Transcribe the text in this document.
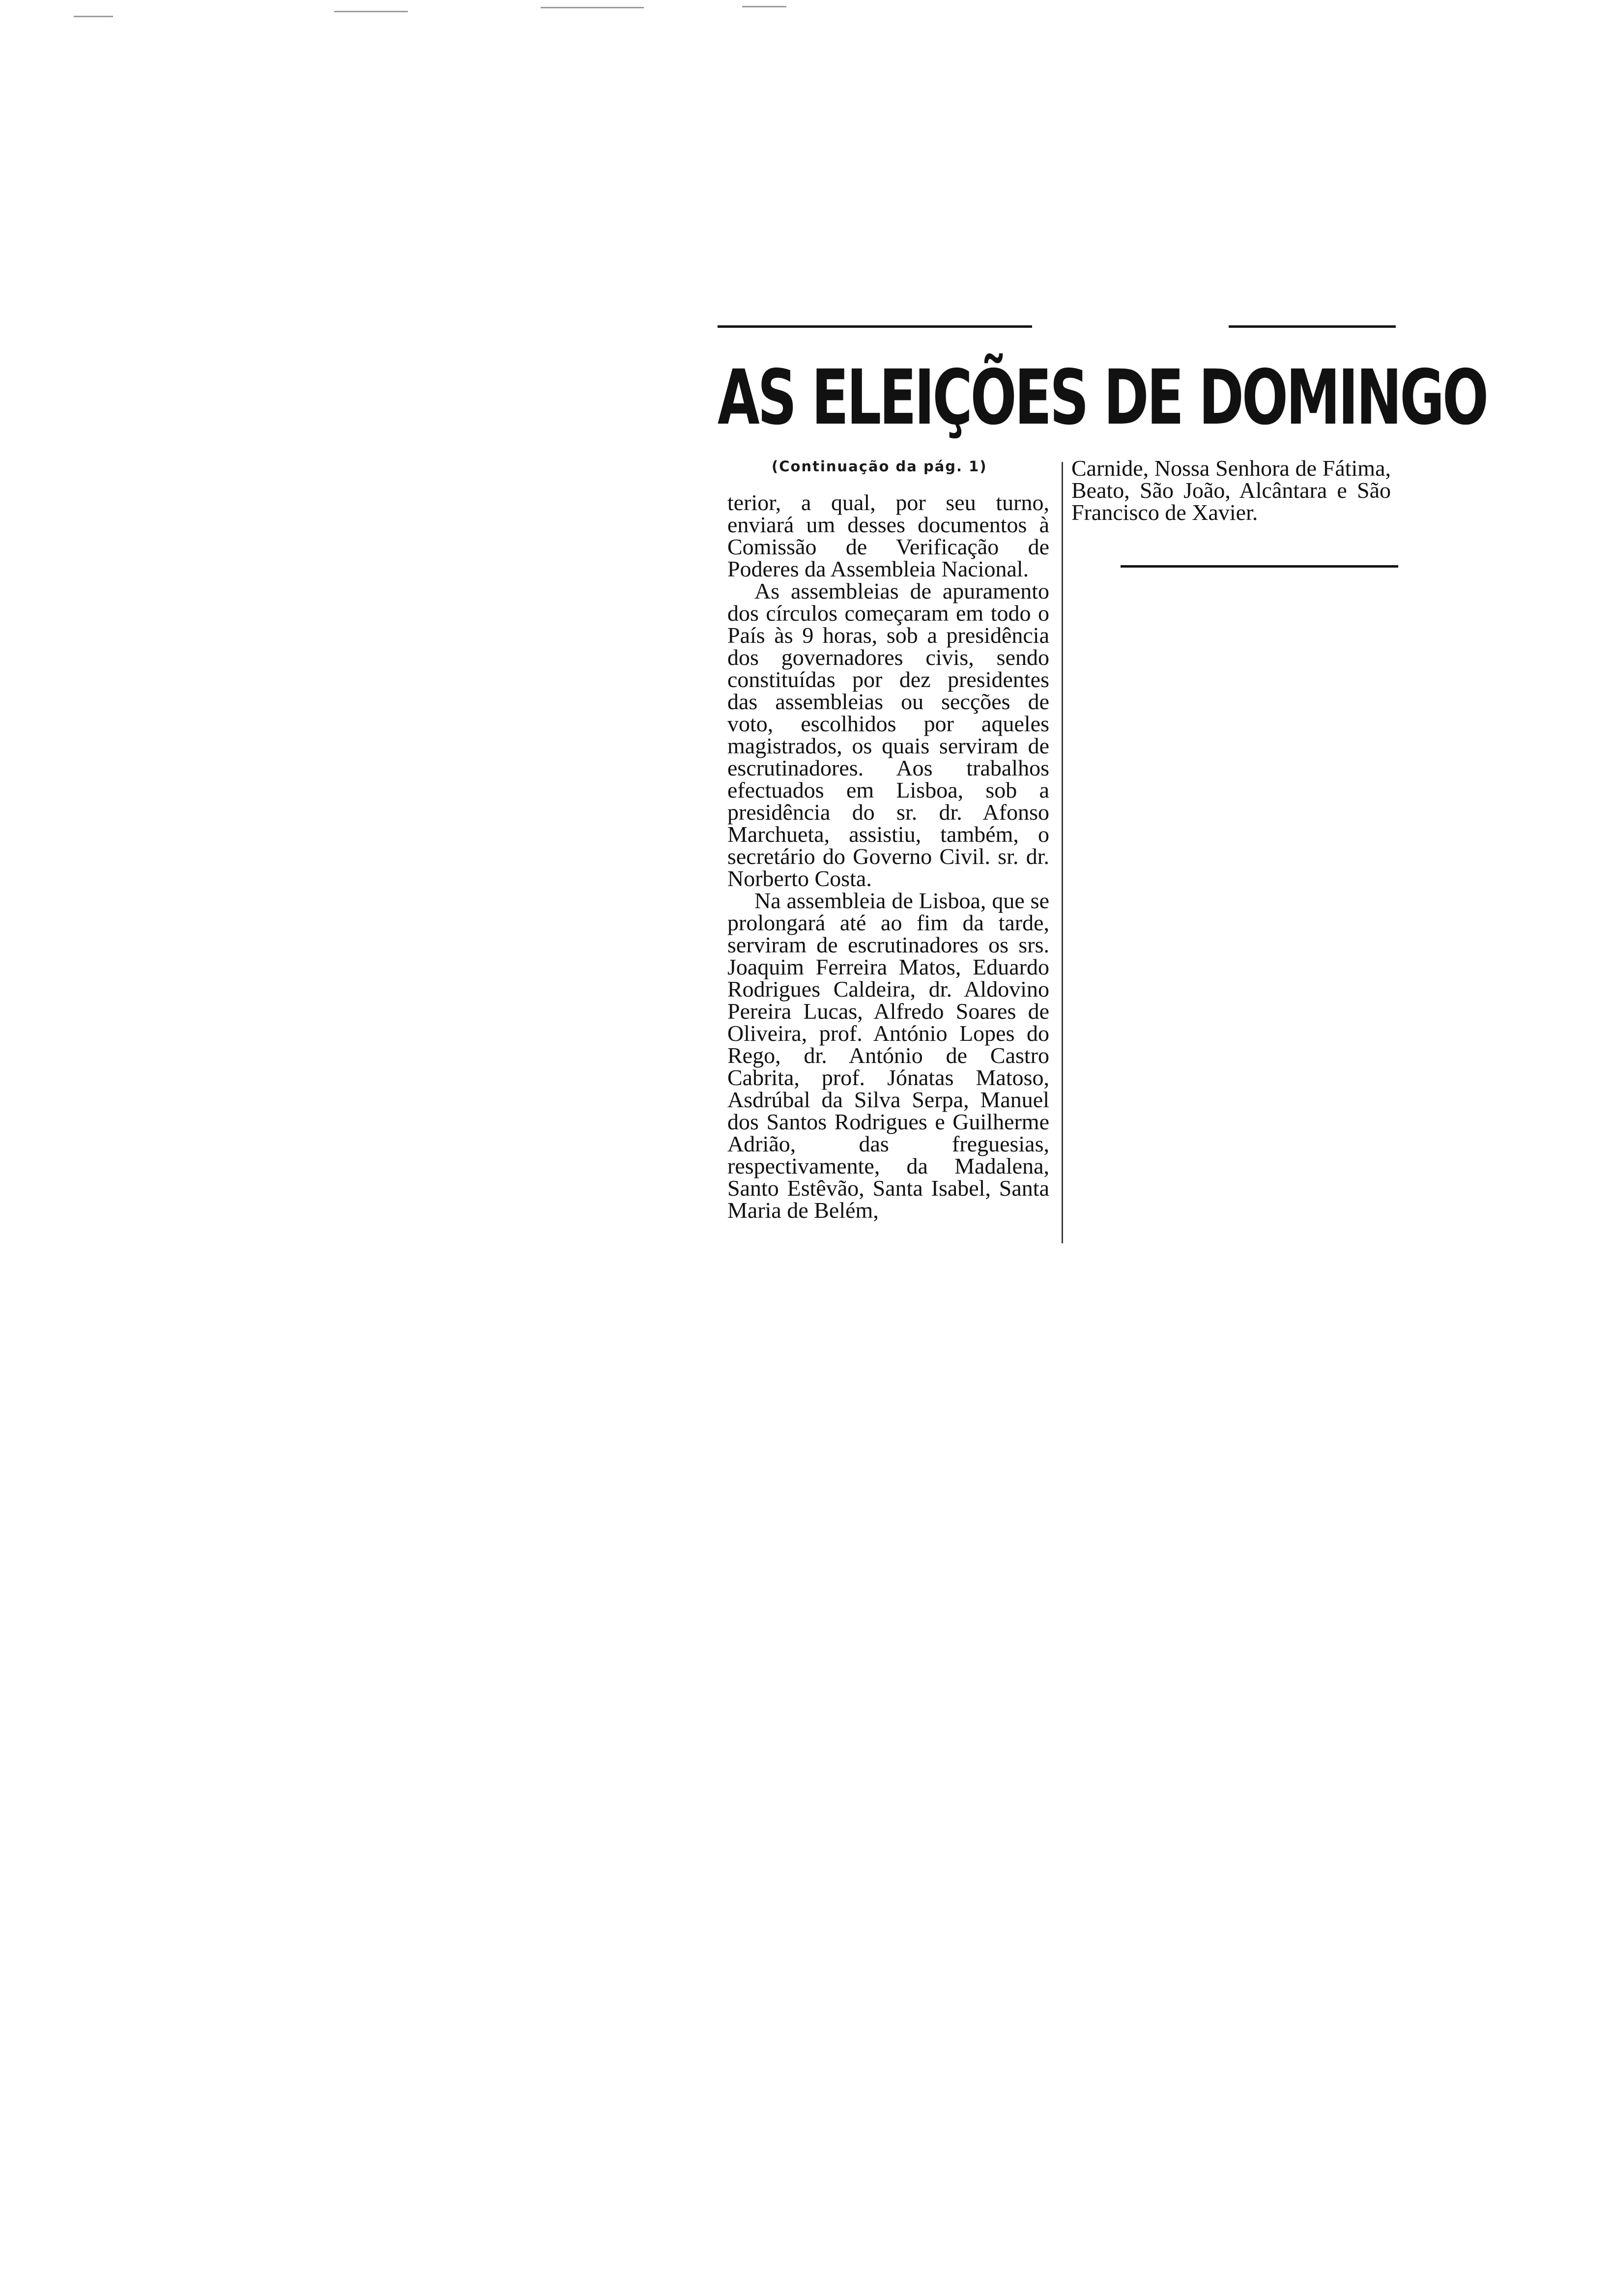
AS ELEIÇÕES DE DOMINGO
(Continuação da pág. 1)

terior, a qual, por seu turno, enviará um desses documentos à Comissão de Verificação de Poderes da Assembleia Nacional.

As assembleias de apuramento dos círculos começaram em todo o País às 9 horas, sob a presidência dos governadores civis, sendo constituídas por dez presidentes das assembleias ou secções de voto, escolhidos por aqueles magistrados, os quais serviram de escrutinadores. Aos trabalhos efectuados em Lisboa, sob a presidência do sr. dr. Afonso Marchueta, assistiu, também, o secretário do Governo Civil. sr. dr. Norberto Costa.

Na assembleia de Lisboa, que se prolongará até ao fim da tarde, serviram de escrutinadores os srs. Joaquim Ferreira Matos, Eduardo Rodrigues Caldeira, dr. Aldovino Pereira Lucas, Alfredo Soares de Oliveira, prof. António Lopes do Rego, dr. António de Castro Cabrita, prof. Jónatas Matoso, Asdrúbal da Silva Serpa, Manuel dos Santos Rodrigues e Guilherme Adrião, das freguesias, respectivamente, da Madalena, Santo Estêvão, Santa Isabel, Santa Maria de Belém,

Carnide, Nossa Senhora de Fátima, Beato, São João, Alcântara e São Francisco de Xavier.
